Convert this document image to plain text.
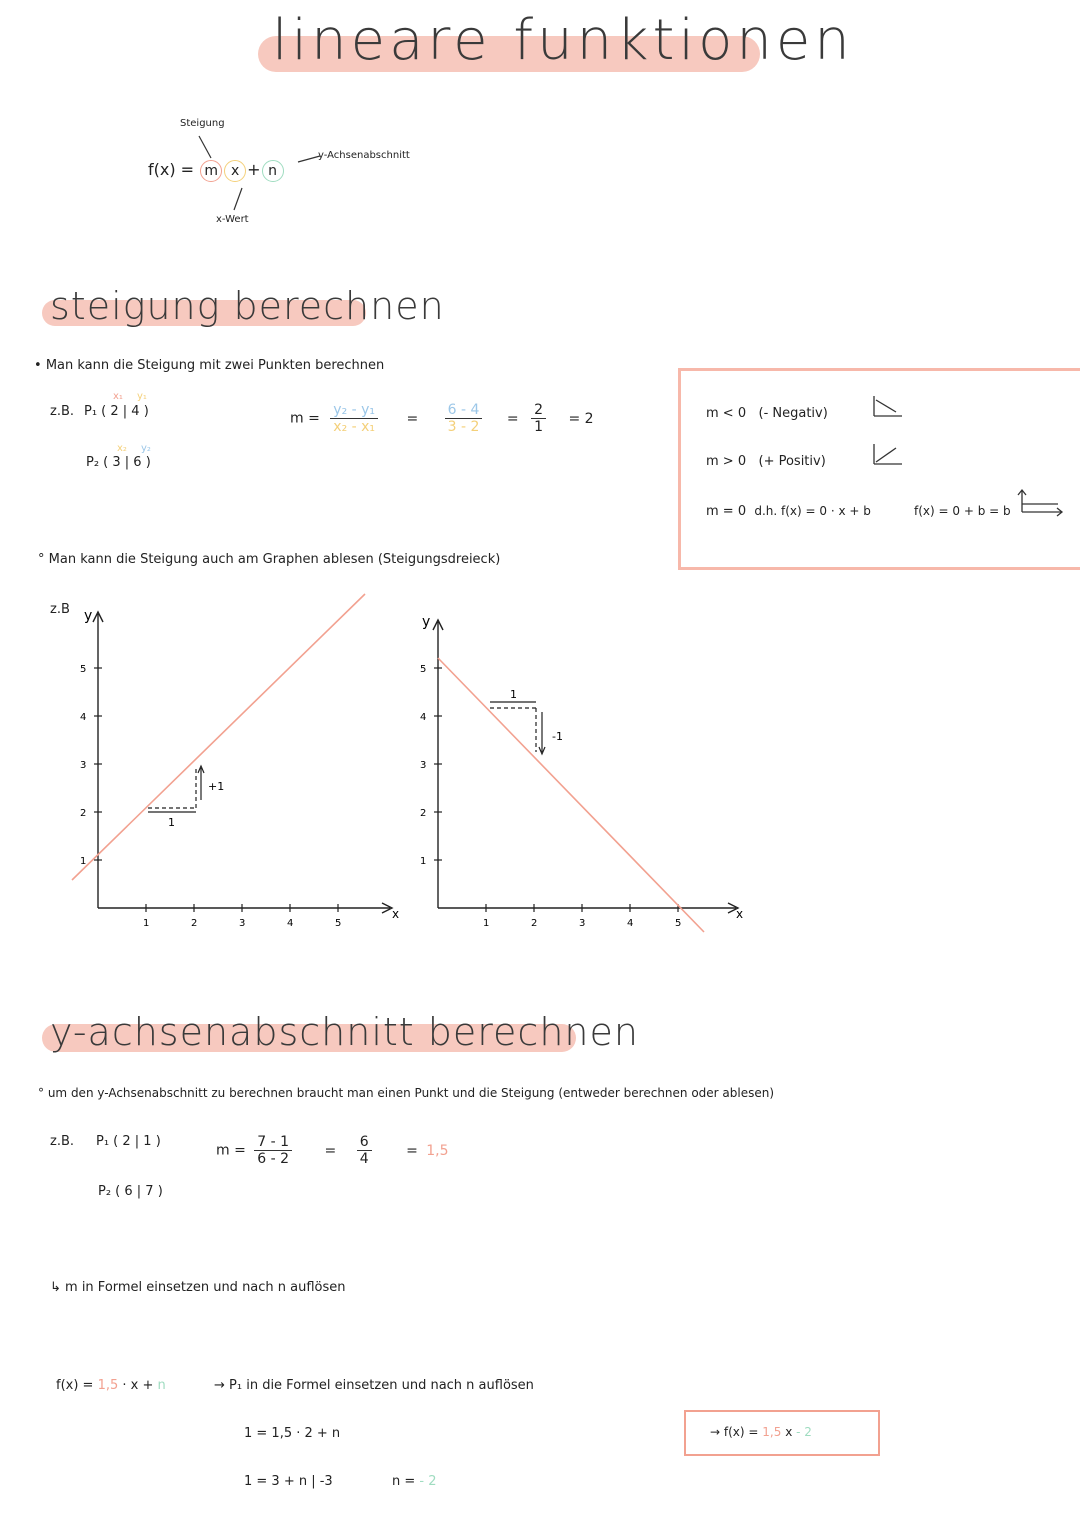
lineare funktionen
Steigung
f(x) = m x + n
y-Achsenabschnitt
x-Wert
steigung berechnen
• Man kann die Steigung mit zwei Punkten berechnen
z.B.
x₁ y₁
P₁ ( 2 | 4 )
x₂ y₂
P₂ ( 3 | 6 )
$m = \frac{\text{y₂ - y₁}}{\text{x₂ - x₁}} = \frac{6 - 4}{3 - 2} = \frac{2}{1} = 2$	m < 0 (- Negativ)
m > 0 (+ Positiv)
m = 0 d.h. f(x) = 0 · x + b	f(x) = 0 + b = b
° Man kann die Steigung auch am Graphen ablesen (Steigungsdreieck)
z.B y
x
1
2
3
4
5
1	2	3	4	5
1
+1
y
x
1
2
3
4
5
1	2	3	4	5
1
-1
y-achsenabschnitt berechnen
° um den y-Achsenabschnitt zu berechnen braucht man einen Punkt und die Steigung (entweder berechnen oder ablesen)
z.B. P₁ ( 2 | 1 )
P₂ ( 6 | 7 )
$m = \frac{7 - 1}{6 - 2} = \frac{6}{4} = 1,5$
↳ m in Formel einsetzen und nach n auflösen
f(x) = 1,5 · x + n	→ P₁ in die Formel einsetzen und nach n auflösen
1 = 1,5 · 2 + n
1 = 3 + n | -3	n = - 2
→ f(x) = 1,5 x - 2
